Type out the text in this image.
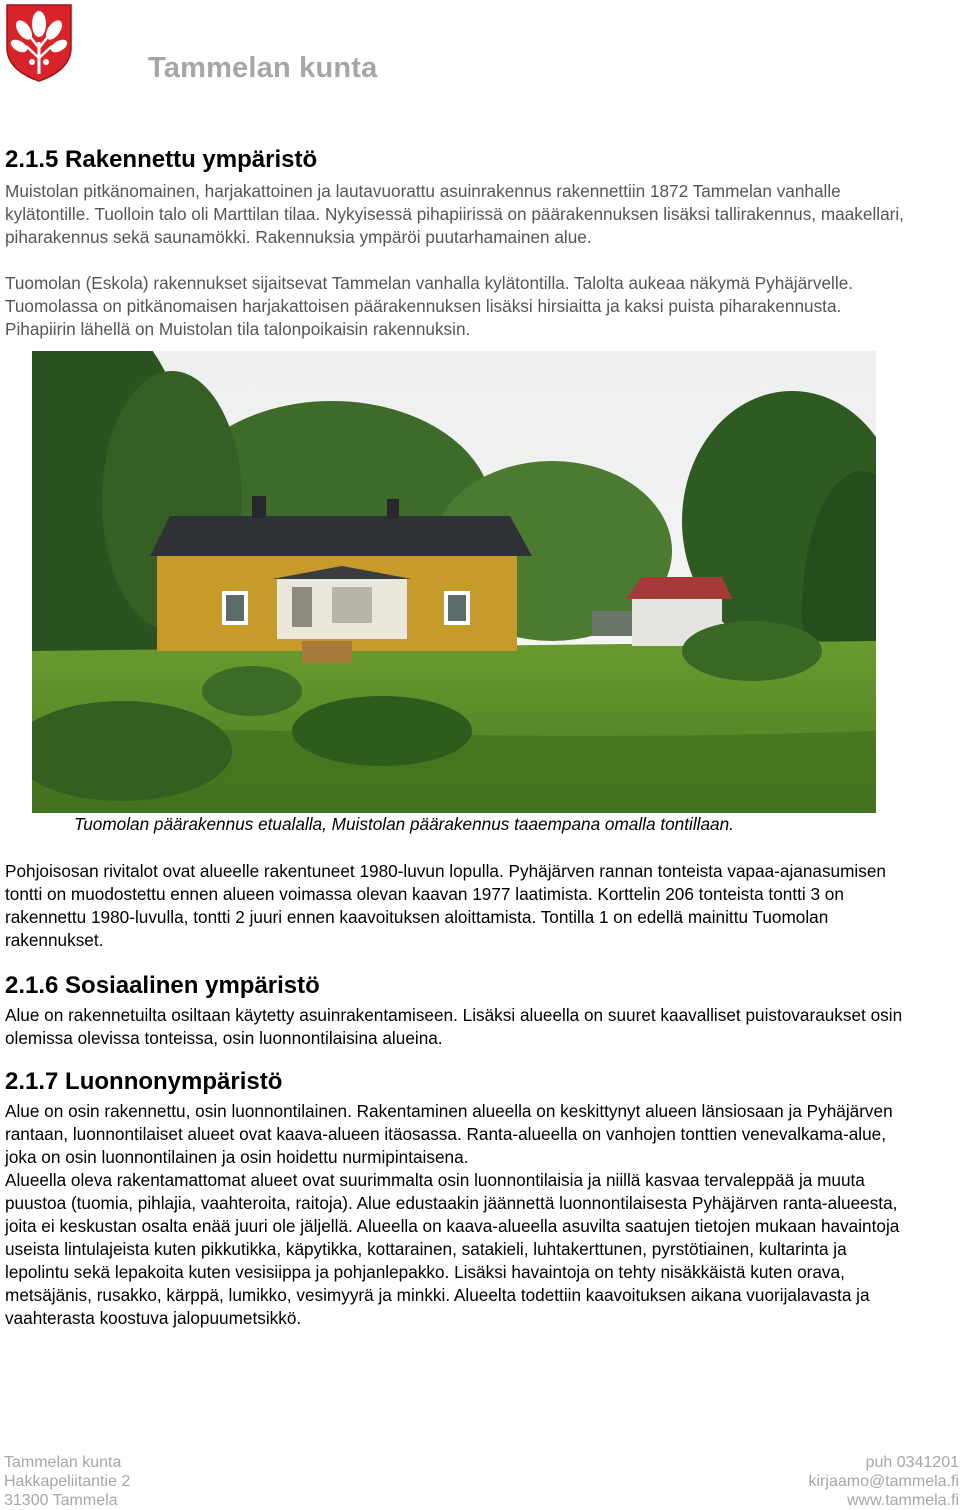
Tammelan kunta
2.1.5 Rakennettu ympäristö

Muistolan pitkänomainen, harjakattoinen ja lautavuorattu asuinrakennus rakennettiin 1872 Tammelan vanhalle kylätontille. Tuolloin talo oli Marttilan tilaa. Nykyisessä pihapiirissä on päärakennuksen lisäksi tallirakennus, maakellari, piharakennus sekä saunamökki. Rakennuksia ympäröi puutarhamainen alue.

Tuomolan (Eskola) rakennukset sijaitsevat Tammelan vanhalla kylätontilla. Talolta aukeaa näkymä Pyhäjärvelle. Tuomolassa on pitkänomaisen harjakattoisen päärakennuksen lisäksi hirsiaitta ja kaksi puista piharakennusta. Pihapiirin lähellä on Muistolan tila talonpoikaisin rakennuksin.

Tuomolan päärakennus etualalla, Muistolan päärakennus taaempana omalla tontillaan.

Pohjoisosan rivitalot ovat alueelle rakentuneet 1980-luvun lopulla. Pyhäjärven rannan tonteista vapaa-ajanasumisen tontti on muodostettu ennen alueen voimassa olevan kaavan 1977 laatimista. Korttelin 206 tonteista tontti 3 on rakennettu 1980-luvulla, tontti 2 juuri ennen kaavoituksen aloittamista. Tontilla 1 on edellä mainittu Tuomolan rakennukset.

2.1.6 Sosiaalinen ympäristö

Alue on rakennetuilta osiltaan käytetty asuinrakentamiseen. Lisäksi alueella on suuret kaavalliset puistovaraukset osin olemissa olevissa tonteissa, osin luonnontilaisina alueina.

2.1.7 Luonnonympäristö

Alue on osin rakennettu, osin luonnontilainen. Rakentaminen alueella on keskittynyt alueen länsiosaan ja Pyhäjärven rantaan, luonnontilaiset alueet ovat kaava-alueen itäosassa. Ranta-alueella on vanhojen tonttien venevalkama-alue, joka on osin luonnontilainen ja osin hoidettu nurmipintaisena.

Alueella oleva rakentamattomat alueet ovat suurimmalta osin luonnontilaisia ja niillä kasvaa tervaleppää ja muuta puustoa (tuomia, pihlajia, vaahteroita, raitoja). Alue edustaakin jäännettä luonnontilaisesta Pyhäjärven ranta-alueesta, joita ei keskustan osalta enää juuri ole jäljellä. Alueella on kaava-alueella asuvilta saatujen tietojen mukaan havaintoja useista lintulajeista kuten pikkutikka, käpytikka, kottarainen, satakieli, luhtakerttunen, pyrstötiainen, kultarinta ja lepolintu sekä lepakoita kuten vesisiippa ja pohjanlepakko. Lisäksi havaintoja on tehty nisäkkäistä kuten orava, metsäjänis, rusakko, kärppä, lumikko, vesimyyrä ja minkki. Alueelta todettiin kaavoituksen aikana vuorijalavasta ja vaahterasta koostuva jalopuumetsikkö.

Tammelan kunta
Hakkapeliitantie 2
31300 Tammela
puh 0341201
kirjaamo@tammela.fi
www.tammela.fi
